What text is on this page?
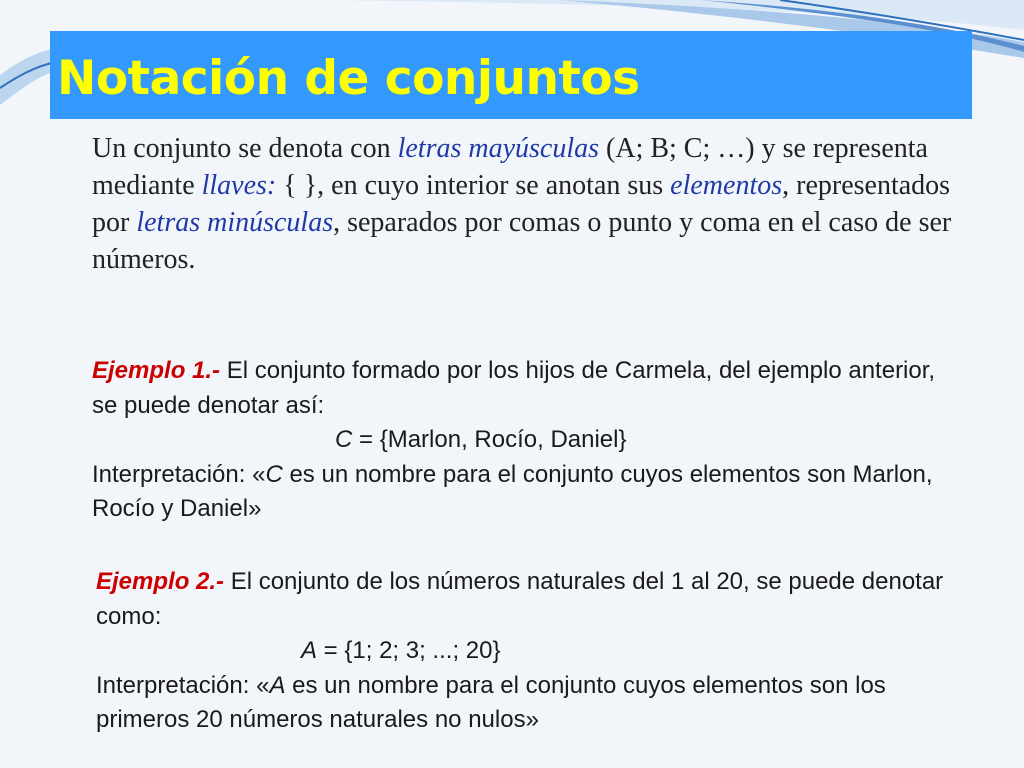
Notación de conjuntos

Un conjunto se denota con letras mayúsculas (A; B; C; …) y se representa mediante llaves: { }, en cuyo interior se anotan sus elementos, representados por letras minúsculas, separados por comas o punto y coma en el caso de ser números.

Ejemplo 1.- El conjunto formado por los hijos de Carmela, del ejemplo anterior, se puede denotar así:
C = {Marlon, Rocío, Daniel}
Interpretación: «C es un nombre para el conjunto cuyos elementos son Marlon, Rocío y Daniel»

Ejemplo 2.- El conjunto de los números naturales del 1 al 20, se puede denotar como:
A = {1; 2; 3; ...; 20}
Interpretación: «A es un nombre para el conjunto cuyos elementos son los primeros 20 números naturales no nulos»
